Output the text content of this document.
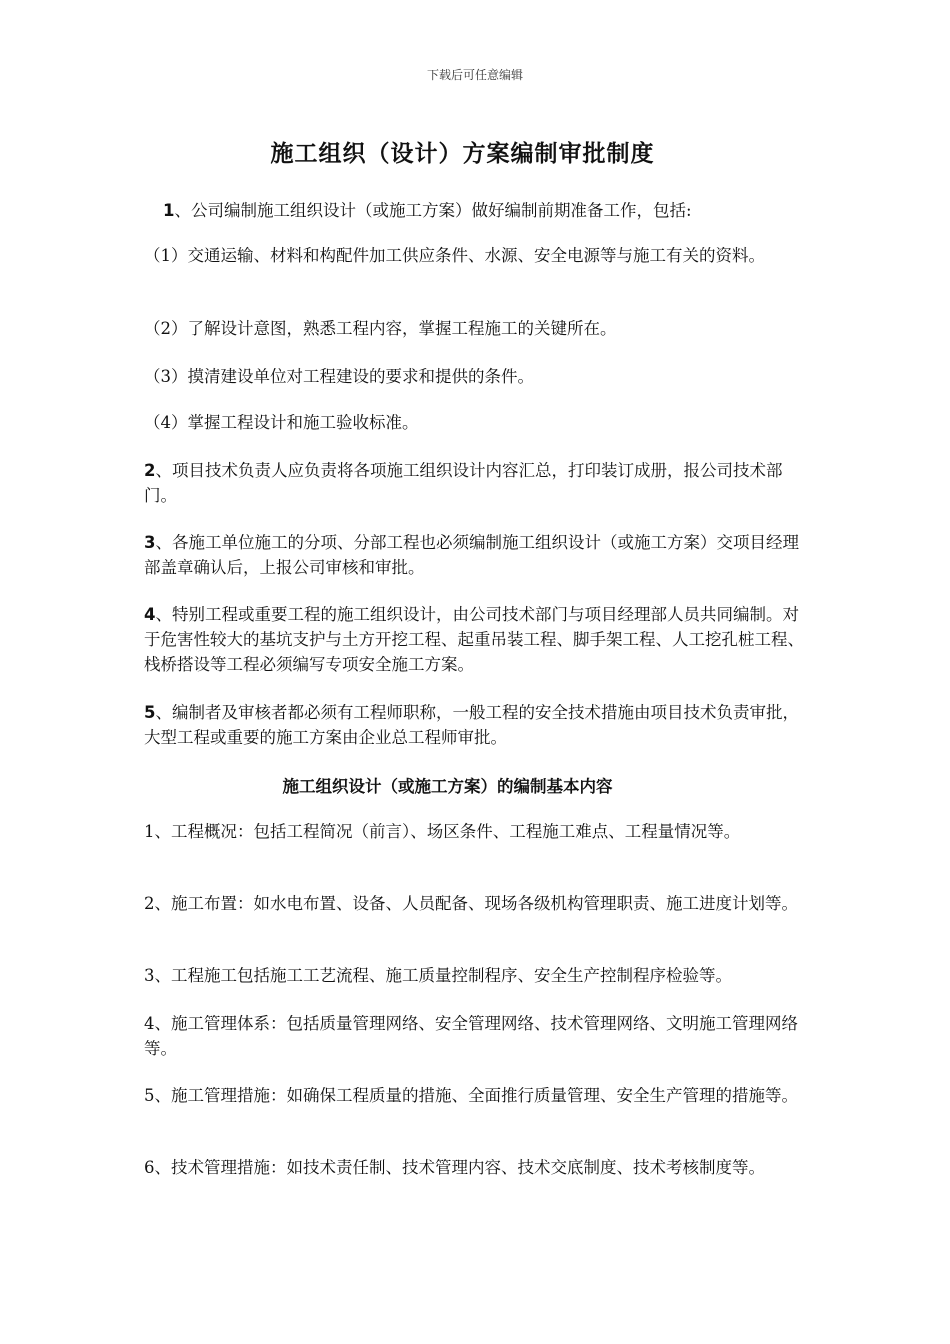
下载后可任意编辑
施工组织（设计）方案编制审批制度

1、公司编制施工组织设计（或施工方案）做好编制前期准备工作，包括:

（1）交通运输、材料和构配件加工供应条件、水源、安全电源等与施工有关的资料。

（2）了解设计意图，熟悉工程内容，掌握工程施工的关键所在。

（3）摸清建设单位对工程建设的要求和提供的条件。

（4）掌握工程设计和施工验收标准。

2、项目技术负责人应负责将各项施工组织设计内容汇总，打印装订成册，报公司技术部门。

3、各施工单位施工的分项、分部工程也必须编制施工组织设计（或施工方案）交项目经理部盖章确认后，上报公司审核和审批。

4、特别工程或重要工程的施工组织设计，由公司技术部门与项目经理部人员共同编制。对于危害性较大的基坑支护与土方开挖工程、起重吊装工程、脚手架工程、人工挖孔桩工程、栈桥搭设等工程必须编写专项安全施工方案。

5、编制者及审核者都必须有工程师职称，一般工程的安全技术措施由项目技术负责审批，大型工程或重要的施工方案由企业总工程师审批。

施工组织设计（或施工方案）的编制基本内容

1、工程概况：包括工程简况（前言）、场区条件、工程施工难点、工程量情况等。

2、施工布置：如水电布置、设备、人员配备、现场各级机构管理职责、施工进度计划等。

3、工程施工包括施工工艺流程、施工质量控制程序、安全生产控制程序检验等。

4、施工管理体系：包括质量管理网络、安全管理网络、技术管理网络、文明施工管理网络等。

5、施工管理措施：如确保工程质量的措施、全面推行质量管理、安全生产管理的措施等。

6、技术管理措施：如技术责任制、技术管理内容、技术交底制度、技术考核制度等。
